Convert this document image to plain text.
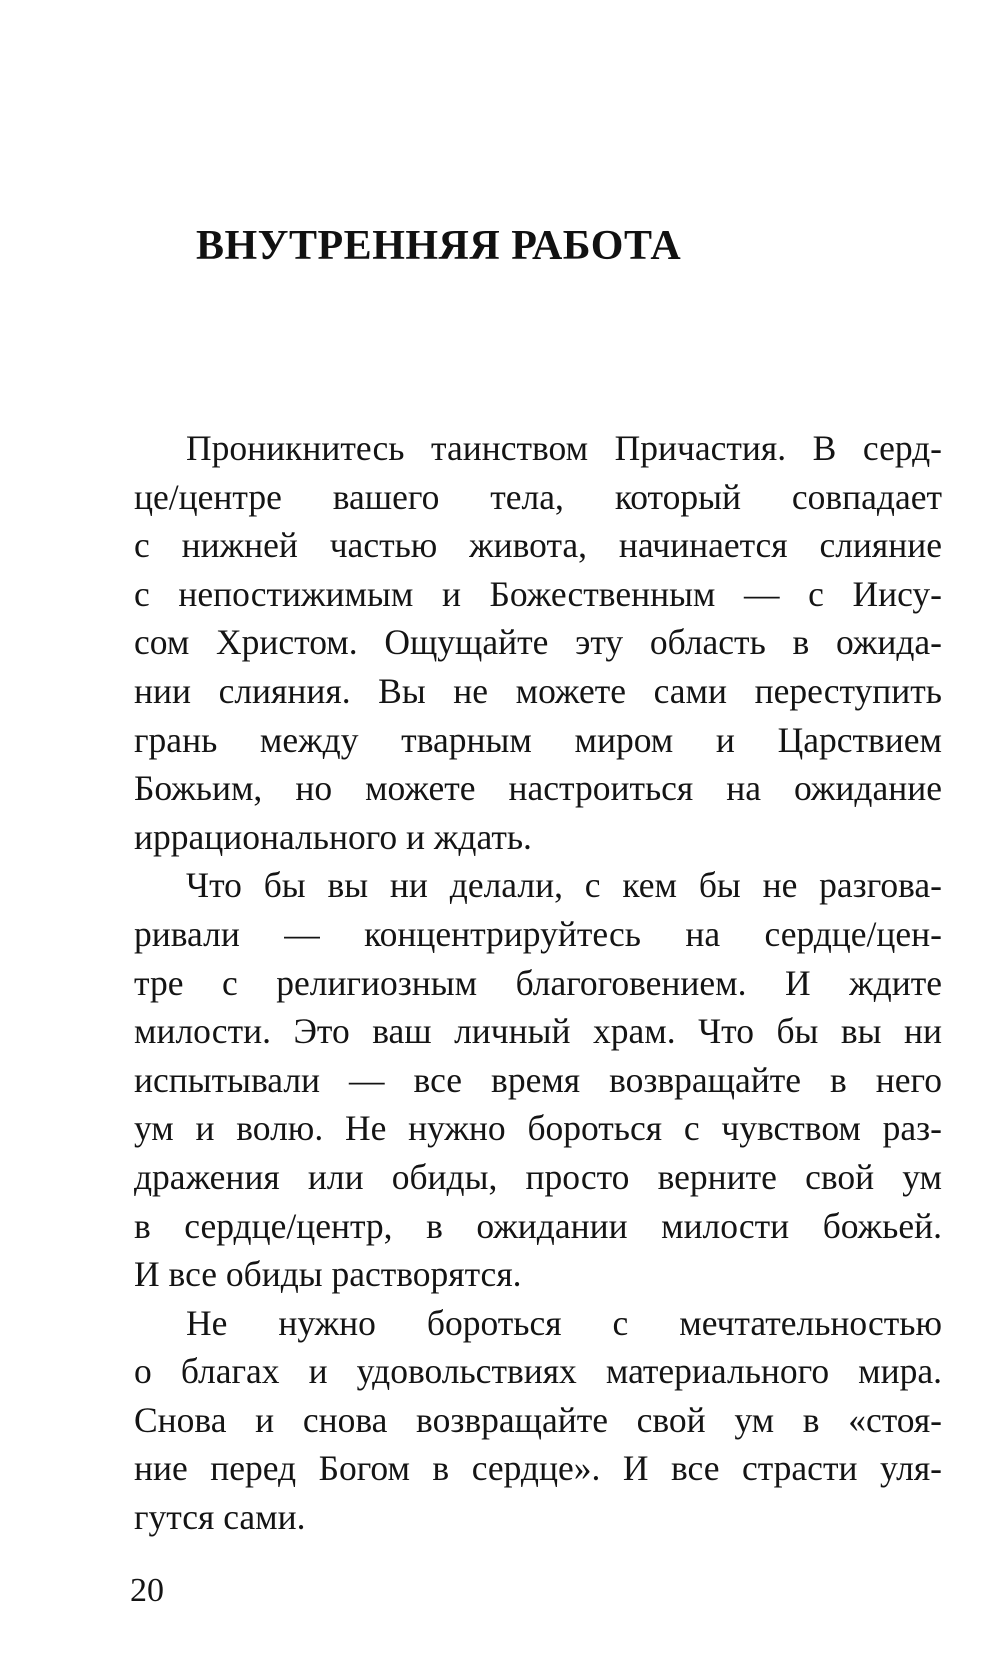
ВНУТРЕННЯЯ РАБОТА

Проникнитесь таинством Причастия. В серд-
це/центре вашего тела, который совпадает
с нижней частью живота, начинается слияние
с непостижимым и Божественным — с Иису-
сом Христом. Ощущайте эту область в ожида-
нии слияния. Вы не можете сами переступить
грань между тварным миром и Царствием
Божьим, но можете настроиться на ожидание
иррационального и ждать.

Что бы вы ни делали, с кем бы не разгова-
ривали — концентрируйтесь на сердце/цен-
тре с религиозным благоговением. И ждите
милости. Это ваш личный храм. Что бы вы ни
испытывали — все время возвращайте в него
ум и волю. Не нужно бороться с чувством раз-
дражения или обиды, просто верните свой ум
в сердце/центр, в ожидании милости божьей.
И все обиды растворятся.

Не нужно бороться с мечтательностью
о благах и удовольствиях материального мира.
Снова и снова возвращайте свой ум в «стоя-
ние перед Богом в сердце». И все страсти уля-
гутся сами.

20
